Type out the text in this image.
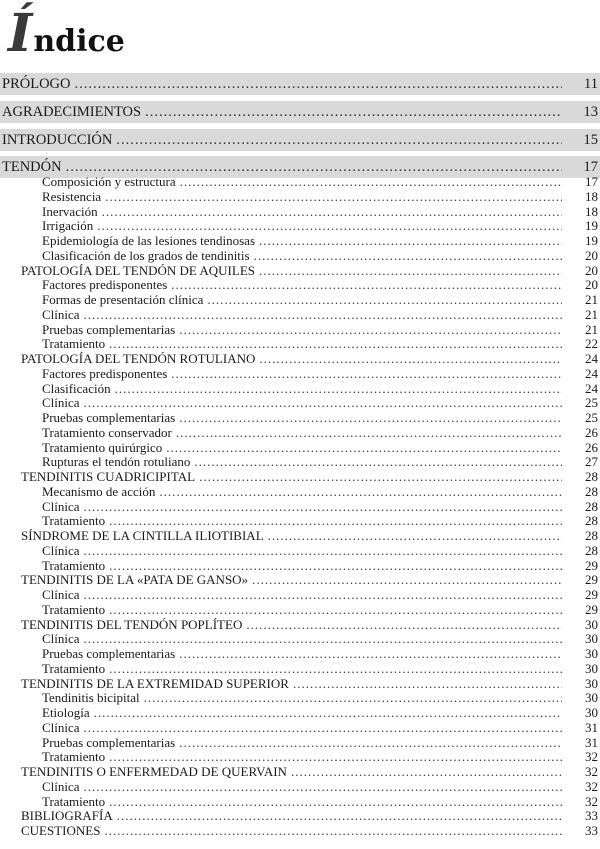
Í ndice
PRÓLOGO .....	11
AGRADECIMIENTOS .....	13
INTRODUCCIÓN .....	15
TENDÓN .....	17
Composición y estructura .....	17
Resistencia .....	18
Inervación .....	18
Irrigación .....	19
Epidemiología de las lesiones tendinosas .....	19
Clasificación de los grados de tendinitis .....	20
PATOLOGÍA DEL TENDÓN DE AQUILES .....	20
Factores predisponentes .....	20
Formas de presentación clínica .....	21
Clínica .....	21
Pruebas complementarias .....	21
Tratamiento .....	22
PATOLOGÍA DEL TENDÓN ROTULIANO .....	24
Factores predisponentes .....	24
Clasificación .....	24
Clínica .....	25
Pruebas complementarias .....	25
Tratamiento conservador .....	26
Tratamiento quirúrgico .....	26
Rupturas el tendón rotuliano .....	27
TENDINITIS CUADRICIPITAL .....	28
Mecanismo de acción .....	28
Clínica .....	28
Tratamiento .....	28
SÍNDROME DE LA CINTILLA ILIOTIBIAL .....	28
Clínica .....	28
Tratamiento .....	29
TENDINITIS DE LA «PATA DE GANSO» .....	29
Clínica .....	29
Tratamiento .....	29
TENDINITIS DEL TENDÓN POPLÍTEO .....	30
Clínica .....	30
Pruebas complementarias .....	30
Tratamiento .....	30
TENDINITIS DE LA EXTREMIDAD SUPERIOR .....	30
Tendinitis bicipital .....	30
Etiología .....	30
Clínica .....	31
Pruebas complementarias .....	31
Tratamiento .....	32
TENDINITIS O ENFERMEDAD DE QUERVAIN .....	32
Clínica .....	32
Tratamiento .....	32
BIBLIOGRAFÍA .....	33
CUESTIONES .....	33
